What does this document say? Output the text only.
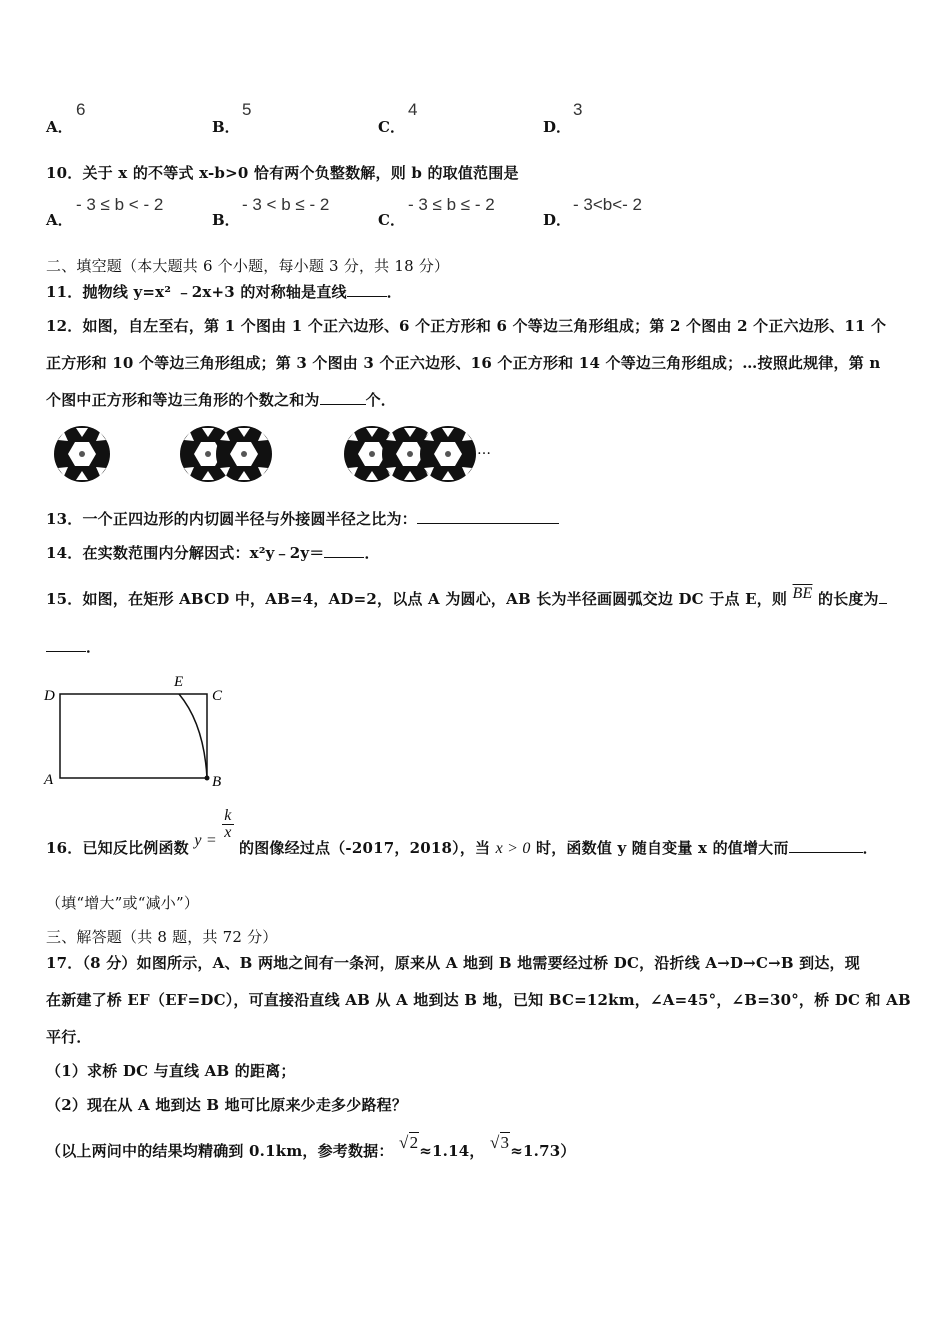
A．
6
B．
5
C．
4
D．
3
10．关于 x 的不等式 x-b>0 恰有两个负整数解，则 b 的取值范围是
A．
- 3 ≤ b < - 2
B．
- 3 < b ≤ - 2
C．
- 3 ≤ b ≤ - 2
D．
- 3<b<- 2
二、填空题（本大题共 6 个小题，每小题 3 分，共 18 分）
11．抛物线 y=x² ﹣2x+3 的对称轴是直线	．
12．如图，自左至右，第 1 个图由 1 个正六边形、6 个正方形和 6 个等边三角形组成；第 2 个图由 2 个正六边形、11 个
正方形和 10 个等边三角形组成；第 3 个图由 3 个正六边形、16 个正方形和 14 个等边三角形组成；…按照此规律，第 n
个图中正方形和等边三角形的个数之和为	个．
…
13．一个正四边形的内切圆半径与外接圆半径之比为：
14．在实数范围内分解因式：x²y﹣2y＝	．
15．如图，在矩形 ABCD 中，AB=4，AD=2，以点 A 为圆心，AB 长为半径画圆弧交边 DC 于点 E，则 $\overline{BE}$ 的长度为
．
D
E
C
A	B
16．已知反比例函数 $y = \frac{k}{x}$
的图像经过点（-2017，2018），当 x > 0 时，函数值 y 随自变量 x 的值增大而	．
（填“增大”或“减小”）
三、解答题（共 8 题，共 72 分）
17．（8 分）如图所示，A、B 两地之间有一条河，原来从 A 地到 B 地需要经过桥 DC，沿折线 A→D→C→B 到达，现
在新建了桥 EF（EF=DC），可直接沿直线 AB 从 A 地到达 B 地，已知 BC=12km，∠A=45°，∠B=30°，桥 DC 和 AB
平行．
（1）求桥 DC 与直线 AB 的距离；
（2）现在从 A 地到达 B 地可比原来少走多少路程？
（以上两问中的结果均精确到 0.1km，参考数据： √2≈1.14， √3≈1.73）
